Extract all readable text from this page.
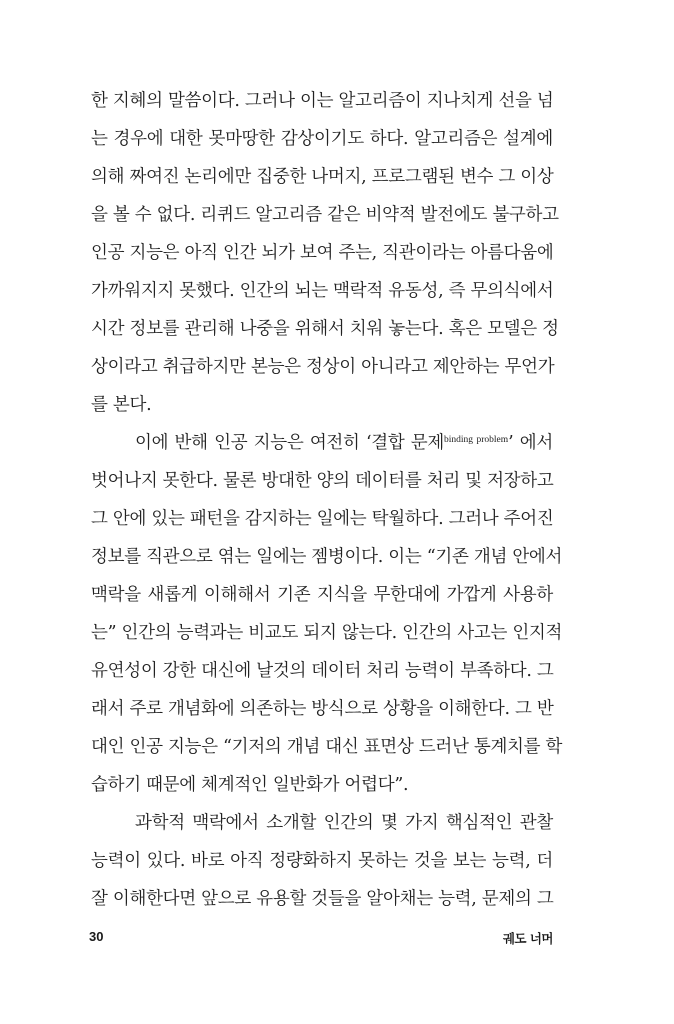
한 지혜의 말씀이다. 그러나 이는 알고리즘이 지나치게 선을 넘
는 경우에 대한 못마땅한 감상이기도 하다. 알고리즘은 설계에
의해 짜여진 논리에만 집중한 나머지, 프로그램된 변수 그 이상
을 볼 수 없다. 리퀴드 알고리즘 같은 비약적 발전에도 불구하고
인공 지능은 아직 인간 뇌가 보여 주는, 직관이라는 아름다움에
가까워지지 못했다. 인간의 뇌는 맥락적 유동성, 즉 무의식에서
시간 정보를 관리해 나중을 위해서 치워 놓는다. 혹은 모델은 정
상이라고 취급하지만 본능은 정상이 아니라고 제안하는 무언가
를 본다.
이에 반해 인공 지능은 여전히 ‘결합 문제$^{binding problem}$’ 에서
벗어나지 못한다. 물론 방대한 양의 데이터를 처리 및 저장하고
그 안에 있는 패턴을 감지하는 일에는 탁월하다. 그러나 주어진
정보를 직관으로 엮는 일에는 젬병이다. 이는 “기존 개념 안에서
맥락을 새롭게 이해해서 기존 지식을 무한대에 가깝게 사용하
는” 인간의 능력과는 비교도 되지 않는다. 인간의 사고는 인지적
유연성이 강한 대신에 날것의 데이터 처리 능력이 부족하다. 그
래서 주로 개념화에 의존하는 방식으로 상황을 이해한다. 그 반
대인 인공 지능은 “기저의 개념 대신 표면상 드러난 통계치를 학
습하기 때문에 체계적인 일반화가 어렵다”.
과학적 맥락에서 소개할 인간의 몇 가지 핵심적인 관찰
능력이 있다. 바로 아직 정량화하지 못하는 것을 보는 능력, 더
잘 이해한다면 앞으로 유용할 것들을 알아채는 능력, 문제의 그
30	궤도 너머
